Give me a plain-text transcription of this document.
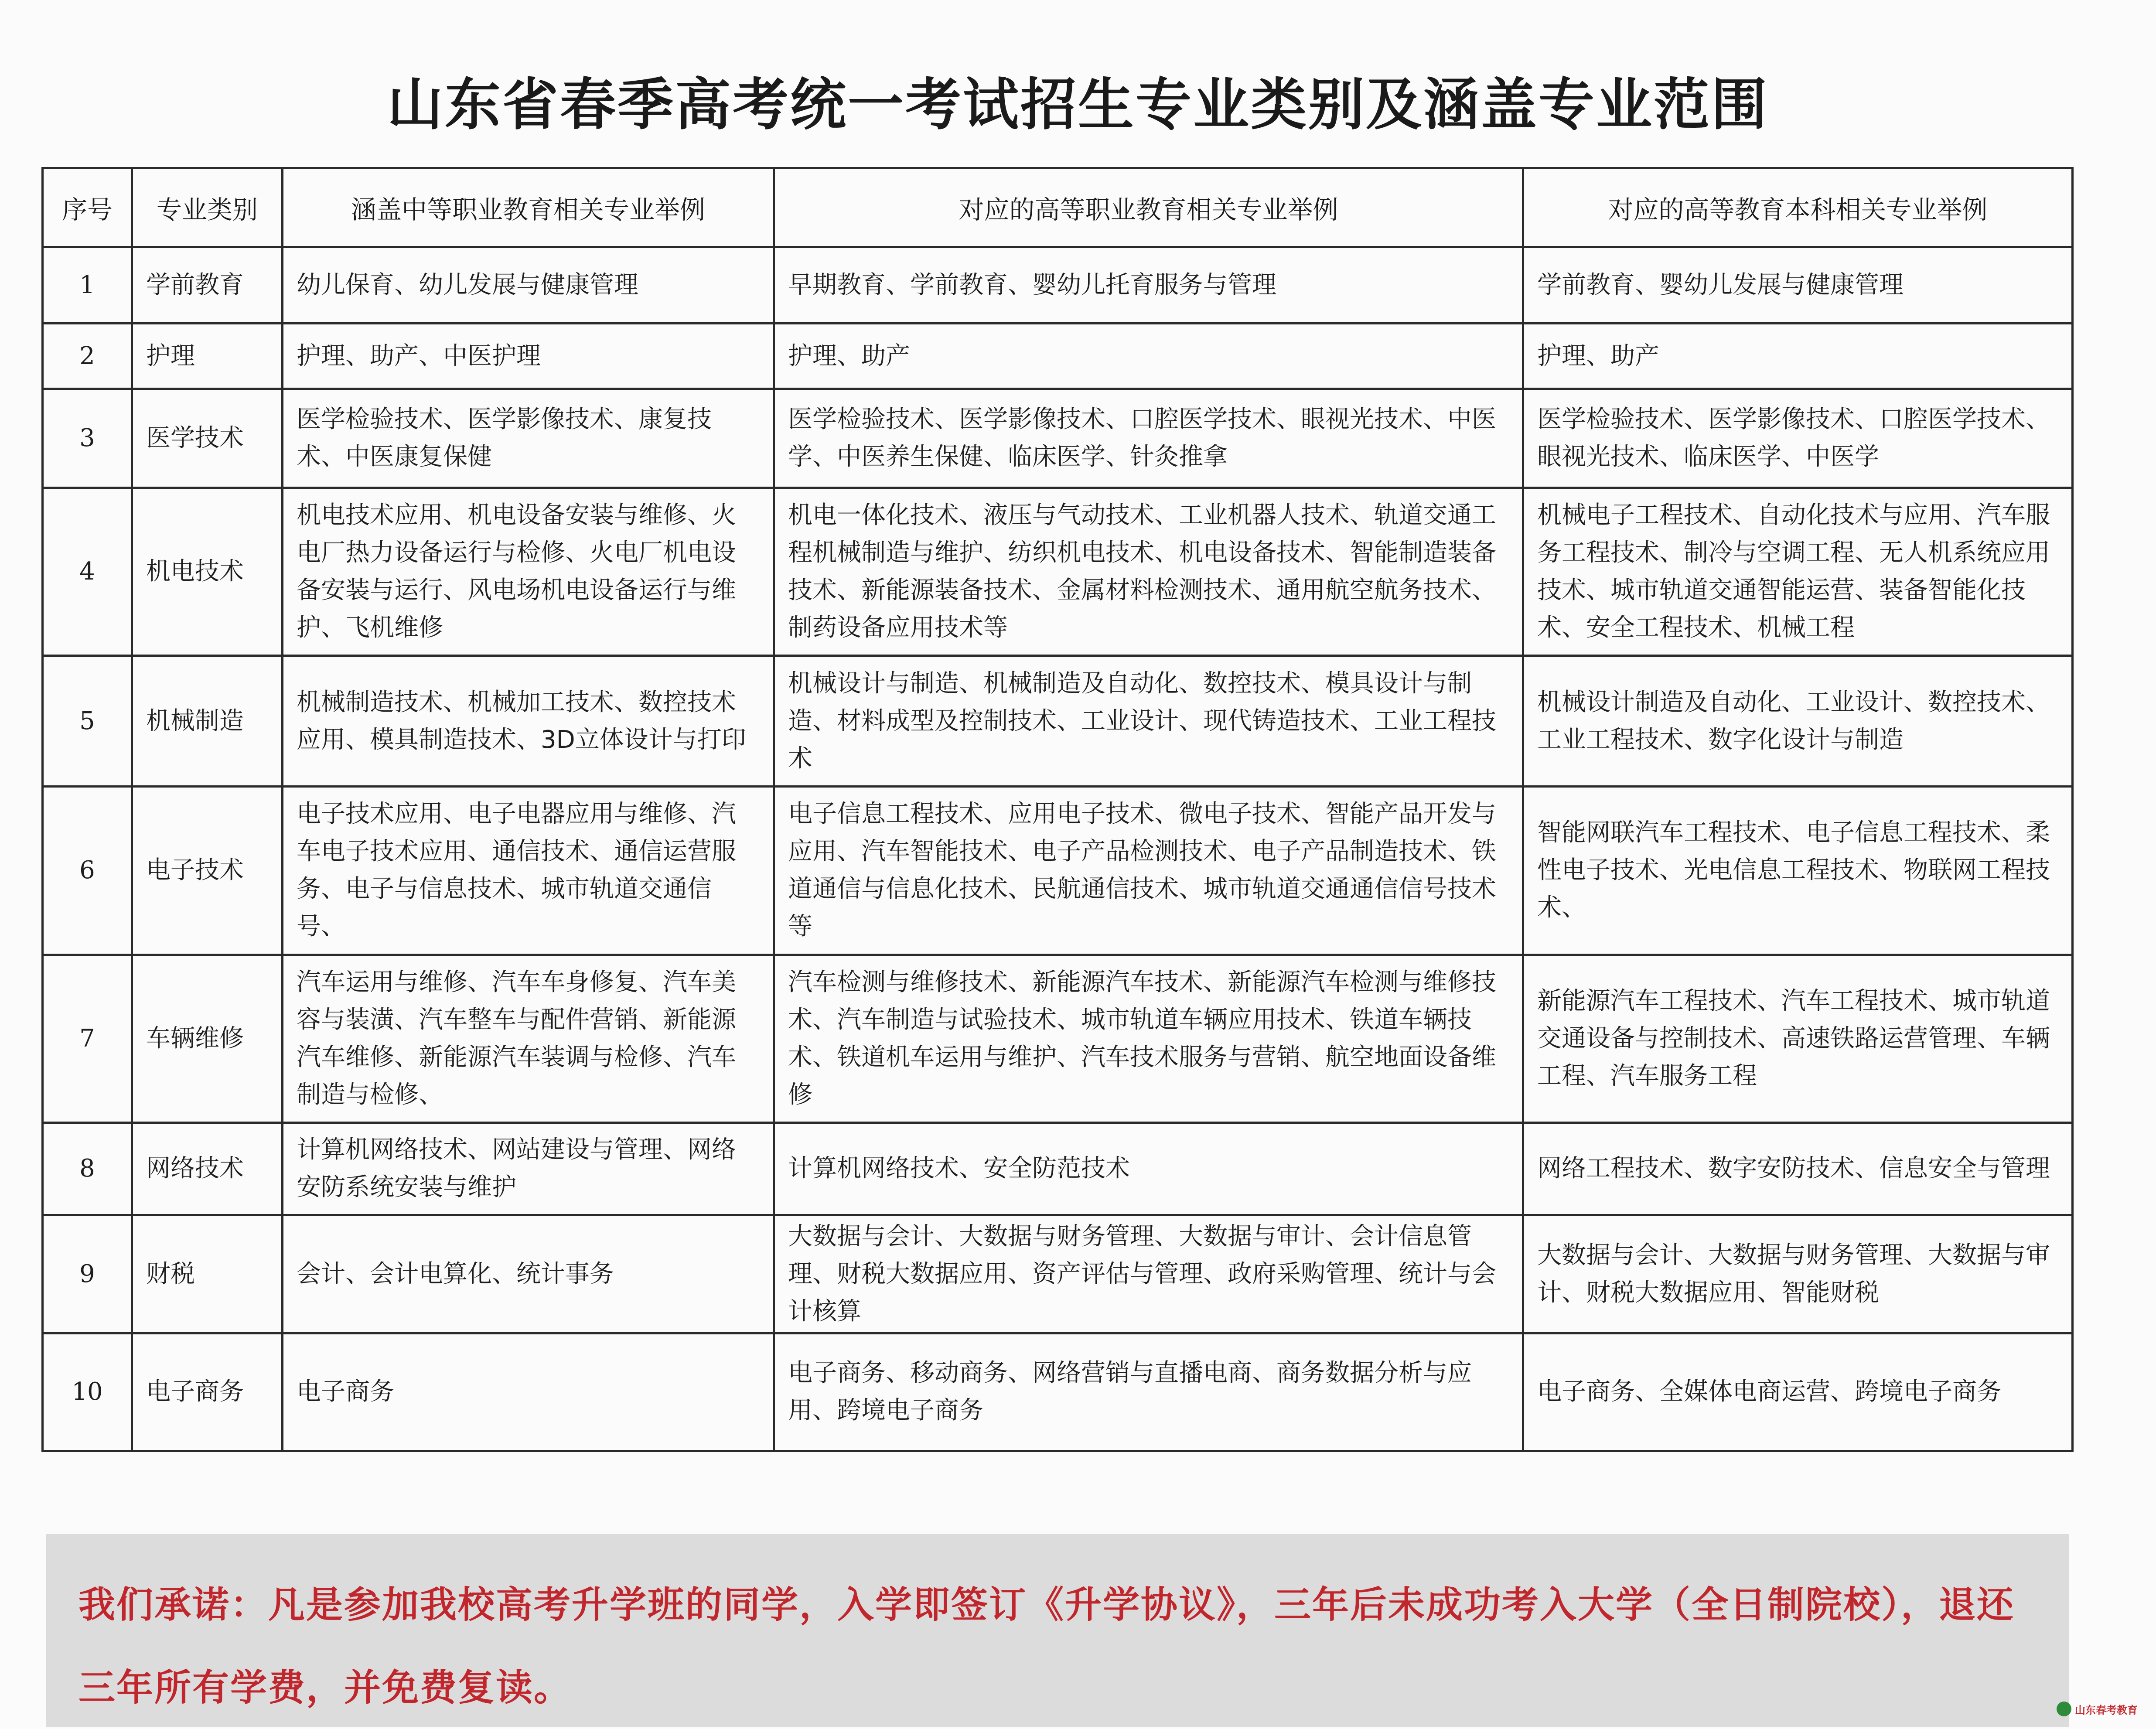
山东省春季高考统一考试招生专业类别及涵盖专业范围
序号	专业类别	涵盖中等职业教育相关专业举例	对应的高等职业教育相关专业举例	对应的高等教育本科相关专业举例
1	学前教育	幼儿保育、幼儿发展与健康管理	早期教育、学前教育、婴幼儿托育服务与管理	学前教育、婴幼儿发展与健康管理
2	护理	护理、助产、中医护理	护理、助产	护理、助产
3	医学技术	医学检验技术、医学影像技术、康复技术、中医康复保健	医学检验技术、医学影像技术、口腔医学技术、眼视光技术、中医学、中医养生保健、临床医学、针灸推拿	医学检验技术、医学影像技术、口腔医学技术、眼视光技术、临床医学、中医学
4	机电技术	机电技术应用、机电设备安装与维修、火电厂热力设备运行与检修、火电厂机电设备安装与运行、风电场机电设备运行与维护、飞机维修	机电一体化技术、液压与气动技术、工业机器人技术、轨道交通工程机械制造与维护、纺织机电技术、机电设备技术、智能制造装备技术、新能源装备技术、金属材料检测技术、通用航空航务技术、制药设备应用技术等	机械电子工程技术、自动化技术与应用、汽车服务工程技术、制冷与空调工程、无人机系统应用技术、城市轨道交通智能运营、装备智能化技术、安全工程技术、机械工程
5	机械制造	机械制造技术、机械加工技术、数控技术应用、模具制造技术、3D立体设计与打印	机械设计与制造、机械制造及自动化、数控技术、模具设计与制造、材料成型及控制技术、工业设计、现代铸造技术、工业工程技术	机械设计制造及自动化、工业设计、数控技术、工业工程技术、数字化设计与制造
6	电子技术	电子技术应用、电子电器应用与维修、汽车电子技术应用、通信技术、通信运营服务、电子与信息技术、城市轨道交通信号、	电子信息工程技术、应用电子技术、微电子技术、智能产品开发与应用、汽车智能技术、电子产品检测技术、电子产品制造技术、铁道通信与信息化技术、民航通信技术、城市轨道交通通信信号技术等	智能网联汽车工程技术、电子信息工程技术、柔性电子技术、光电信息工程技术、物联网工程技术、
7	车辆维修	汽车运用与维修、汽车车身修复、汽车美容与装潢、汽车整车与配件营销、新能源汽车维修、新能源汽车装调与检修、汽车制造与检修、	汽车检测与维修技术、新能源汽车技术、新能源汽车检测与维修技术、汽车制造与试验技术、城市轨道车辆应用技术、铁道车辆技术、铁道机车运用与维护、汽车技术服务与营销、航空地面设备维修	新能源汽车工程技术、汽车工程技术、城市轨道交通设备与控制技术、高速铁路运营管理、车辆工程、汽车服务工程
8	网络技术	计算机网络技术、网站建设与管理、网络安防系统安装与维护	计算机网络技术、安全防范技术	网络工程技术、数字安防技术、信息安全与管理
9	财税	会计、会计电算化、统计事务	大数据与会计、大数据与财务管理、大数据与审计、会计信息管理、财税大数据应用、资产评估与管理、政府采购管理、统计与会计核算	大数据与会计、大数据与财务管理、大数据与审计、财税大数据应用、智能财税
10	电子商务	电子商务	电子商务、移动商务、网络营销与直播电商、商务数据分析与应用、跨境电子商务	电子商务、全媒体电商运营、跨境电子商务
我们承诺：凡是参加我校高考升学班的同学，入学即签订《升学协议》，三年后未成功考入大学（全日制院校），退还三年所有学费，并免费复读。
山东春考教育
